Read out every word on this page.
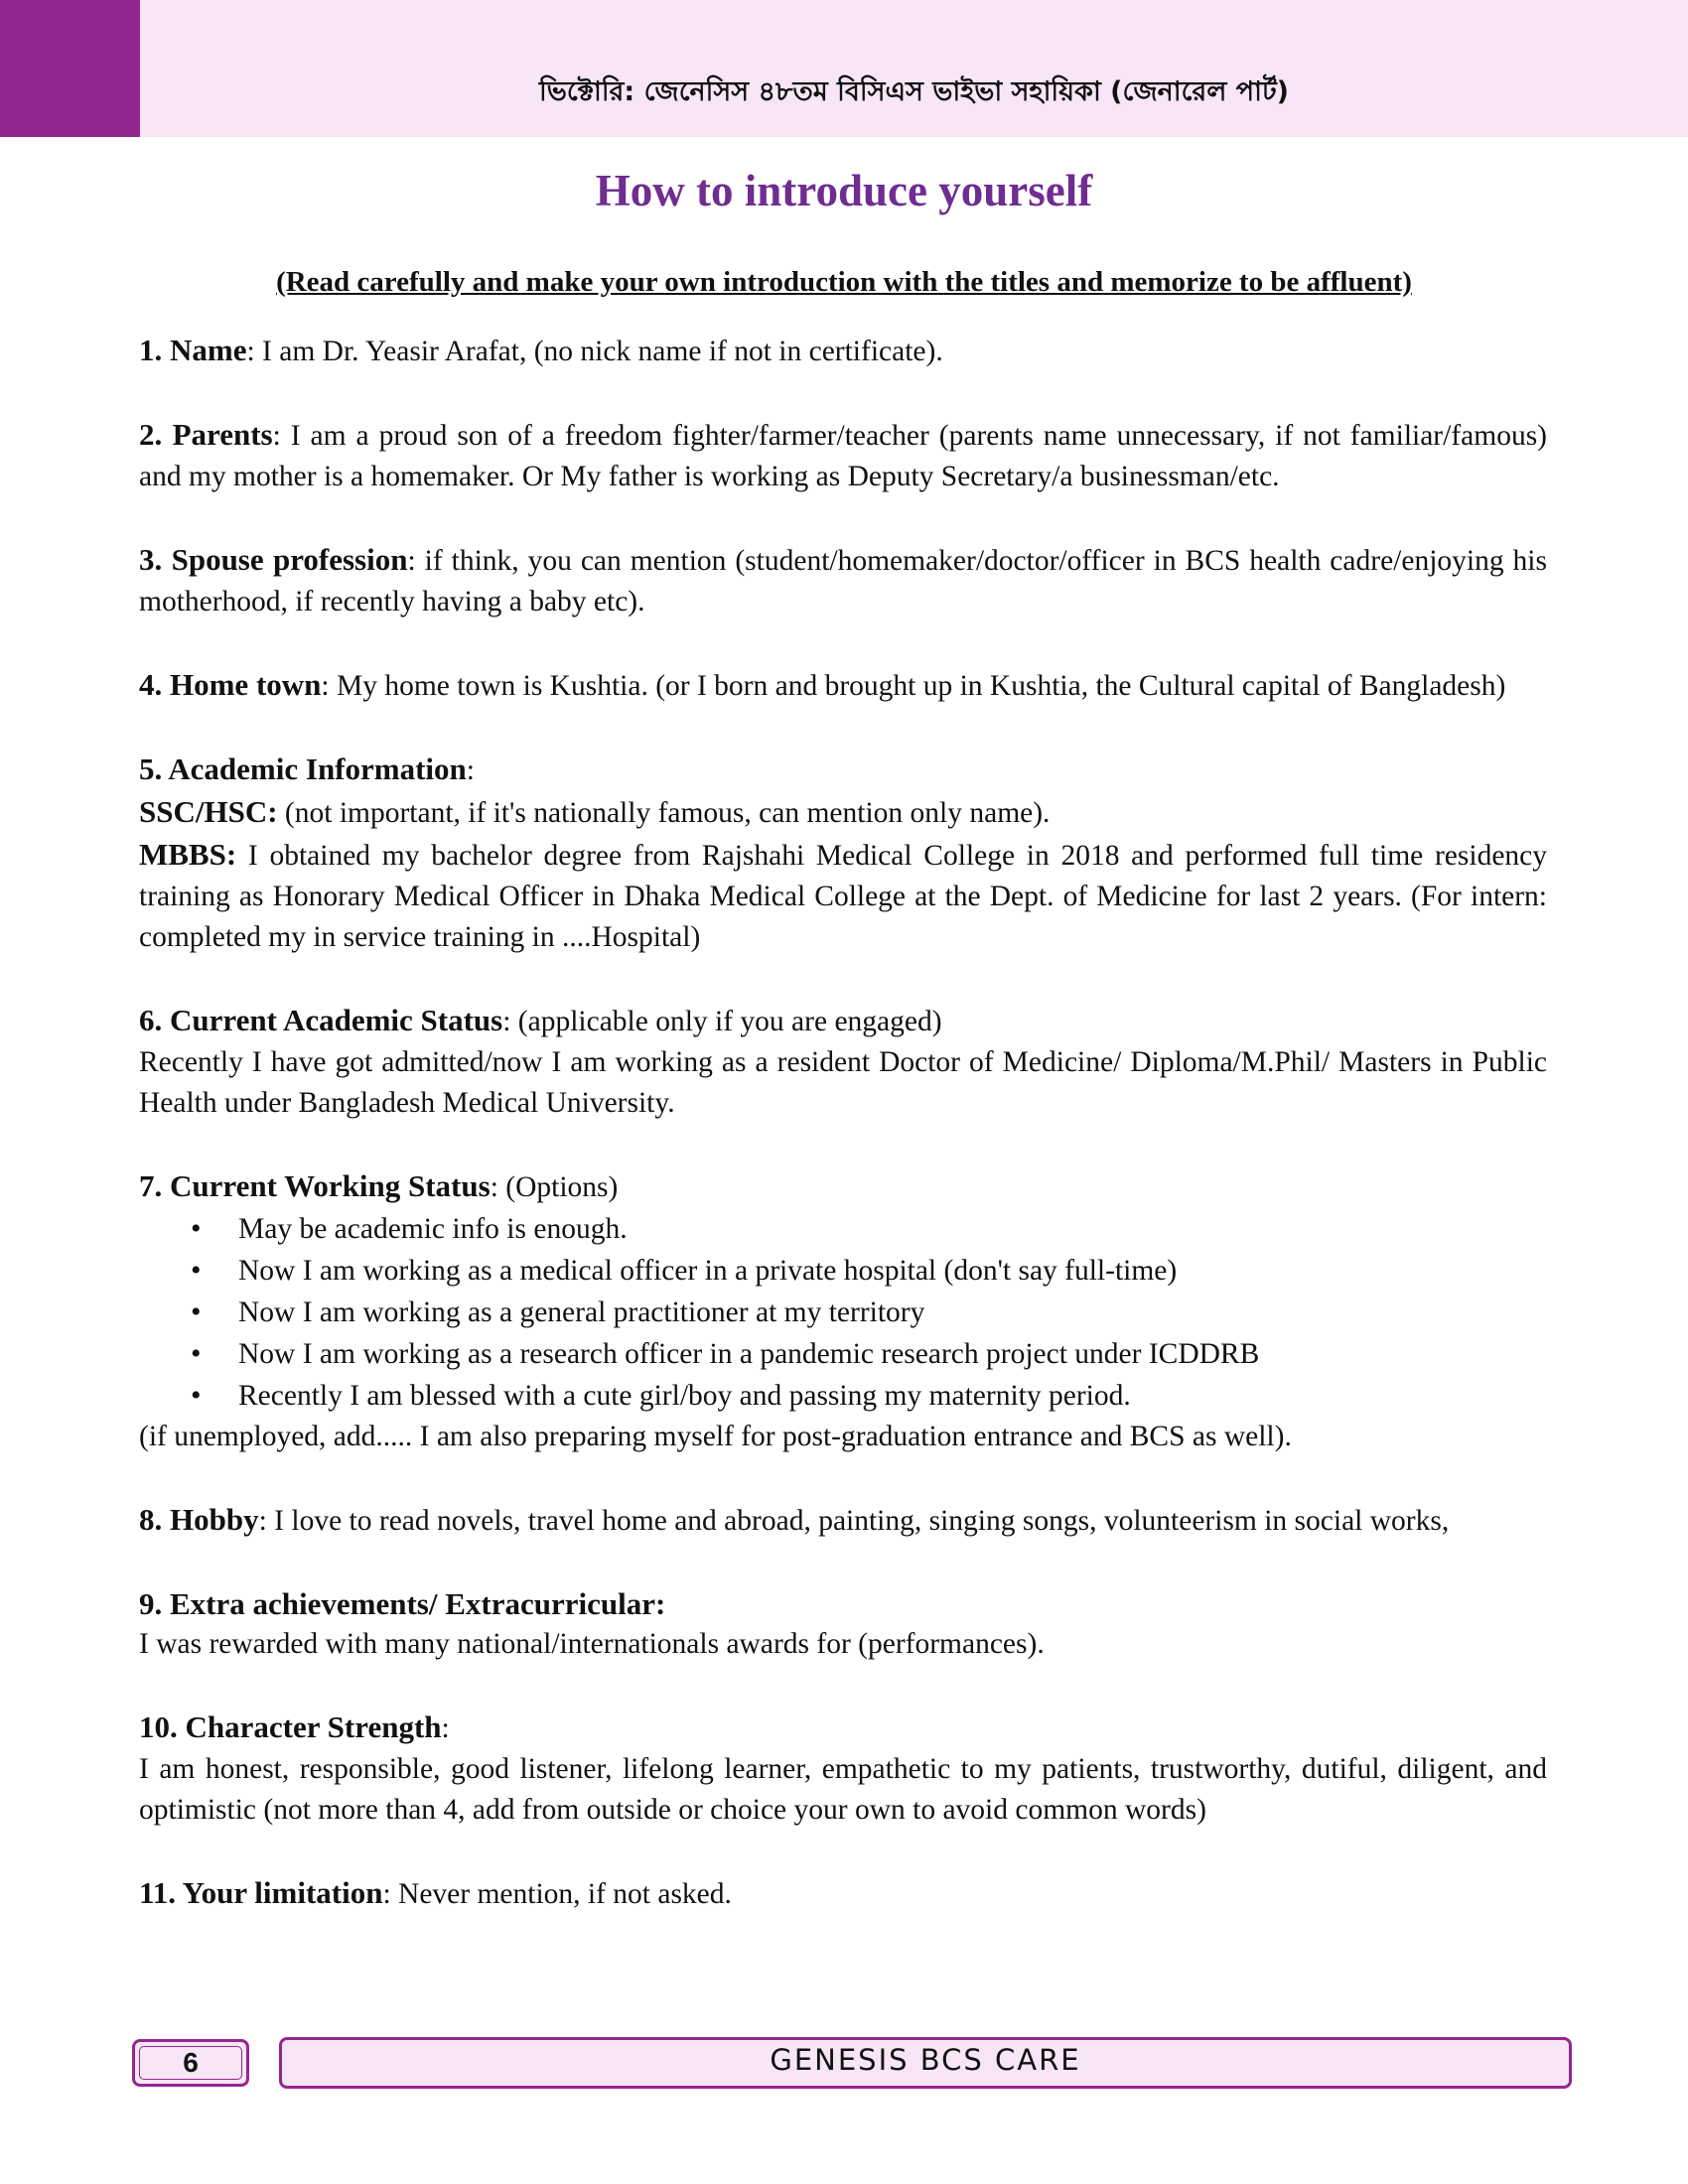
ভিক্টোরি: জেনেসিস ৪৮তম বিসিএস ভাইভা সহায়িকা (জেনারেল পার্ট)
How to introduce yourself
(Read carefully and make your own introduction with the titles and memorize to be affluent)
1. Name: I am Dr. Yeasir Arafat, (no nick name if not in certificate).
2. Parents: I am a proud son of a freedom fighter/farmer/teacher (parents name unnecessary, if not familiar/famous) and my mother is a homemaker. Or My father is working as Deputy Secretary/a businessman/etc.
3. Spouse profession: if think, you can mention (student/homemaker/doctor/officer in BCS health cadre/enjoying his motherhood, if recently having a baby etc).
4. Home town: My home town is Kushtia. (or I born and brought up in Kushtia, the Cultural capital of Bangladesh)

5. Academic Information:

SSC/HSC: (not important, if it's nationally famous, can mention only name).

MBBS: I obtained my bachelor degree from Rajshahi Medical College in 2018 and performed full time residency training as Honorary Medical Officer in Dhaka Medical College at the Dept. of Medicine for last 2 years. (For intern: completed my in service training in ....Hospital)

6. Current Academic Status: (applicable only if you are engaged)

Recently I have got admitted/now I am working as a resident Doctor of Medicine/ Diploma/M.Phil/ Masters in Public Health under Bangladesh Medical University.

7. Current Working Status: (Options)

• May be academic info is enough.
• Now I am working as a medical officer in a private hospital (don't say full-time)
• Now I am working as a general practitioner at my territory
• Now I am working as a research officer in a pandemic research project under ICDDRB
• Recently I am blessed with a cute girl/boy and passing my maternity period.

(if unemployed, add..... I am also preparing myself for post-graduation entrance and BCS as well).

8. Hobby: I love to read novels, travel home and abroad, painting, singing songs, volunteerism in social works,

9. Extra achievements/ Extracurricular:

I was rewarded with many national/internationals awards for (performances).

10. Character Strength:

I am honest, responsible, good listener, lifelong learner, empathetic to my patients, trustworthy, dutiful, diligent, and optimistic (not more than 4, add from outside or choice your own to avoid common words)

11. Your limitation: Never mention, if not asked.
6	GENESIS BCS CARE
